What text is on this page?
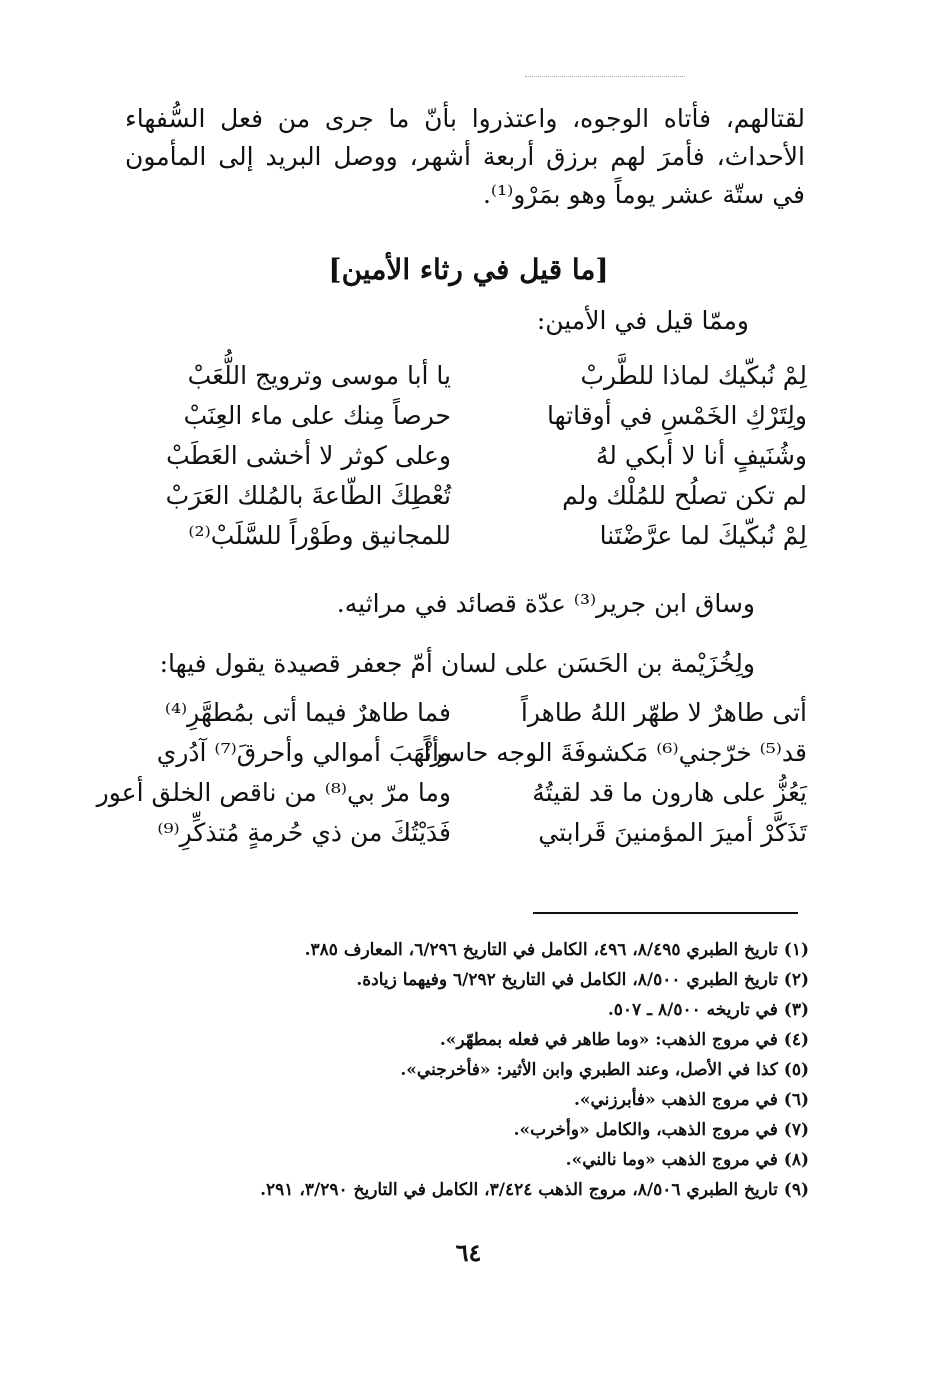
لقتالهم، فأتاه الوجوه، واعتذروا بأنّ ما جرى من فعل السُّفهاء الأحداث، فأمرَ لهم برزق أربعة أشهر، ووصل البريد إلى المأمون في ستّة عشر يوماً وهو بمَرْو⁽¹⁾.
[ما قيل في رثاء الأمين]
وممّا قيل في الأمين:
لِمْ نُبكّيك لماذا للطَّربْ
يا أبا موسى وترويج اللُّعَبْ
ولِتَرْكِ الخَمْسِ في أوقاتها
حرصاً مِنك على ماء العِنَبْ
وشُنَيفٍ أنا لا أبكي لهُ
وعلى كوثر لا أخشى العَطَبْ
لم تكن تصلُح للمُلْك ولم
تُعْطِكَ الطّاعةَ بالمُلك العَرَبْ
لِمْ نُبكّيكَ لما عرَّضْتَنا
للمجانيق وطَوْراً للسَّلَبْ⁽²⁾
وساق ابن جرير⁽³⁾ عدّة قصائد في مراثيه.
ولِخُزَيْمة بن الحَسَن على لسان أمّ جعفر قصيدة يقول فيها:
أتى طاهرٌ لا طهّر اللهُ طاهراً
فما طاهرٌ فيما أتى بمُطهَّرِ⁽⁴⁾
قد⁽⁵⁾ خرّجني⁽⁶⁾ مَكشوفَةَ الوجه حاسراً
وأنْهَبَ أموالي وأحرقَ⁽⁷⁾ آدُري
يَعُزُّ على هارون ما قد لقيتُهُ
وما مرّ بي⁽⁸⁾ من ناقص الخلق أعور
تَذَكَّرْ أميرَ المؤمنينَ قَرابتي
فَدَيْتُكَ من ذي حُرمةٍ مُتذكِّرِ⁽⁹⁾
(١) تاريخ الطبري ٨/٤٩٥، ٤٩٦، الكامل في التاريخ ٦/٢٩٦، المعارف ٣٨٥.
(٢) تاريخ الطبري ٨/٥٠٠، الكامل في التاريخ ٦/٢٩٢ وفيهما زيادة.
(٣) في تاريخه ٨/٥٠٠ ـ ٥٠٧.
(٤) في مروج الذهب: «وما طاهر في فعله بمطهّر».
(٥) كذا في الأصل، وعند الطبري وابن الأثير: «فأخرجني».
(٦) في مروج الذهب «فأبرزني».
(٧) في مروج الذهب، والكامل «وأخرب».
(٨) في مروج الذهب «وما نالني».
(٩) تاريخ الطبري ٨/٥٠٦، مروج الذهب ٣/٤٢٤، الكامل في التاريخ ٣/٢٩٠، ٢٩١.
٦٤
